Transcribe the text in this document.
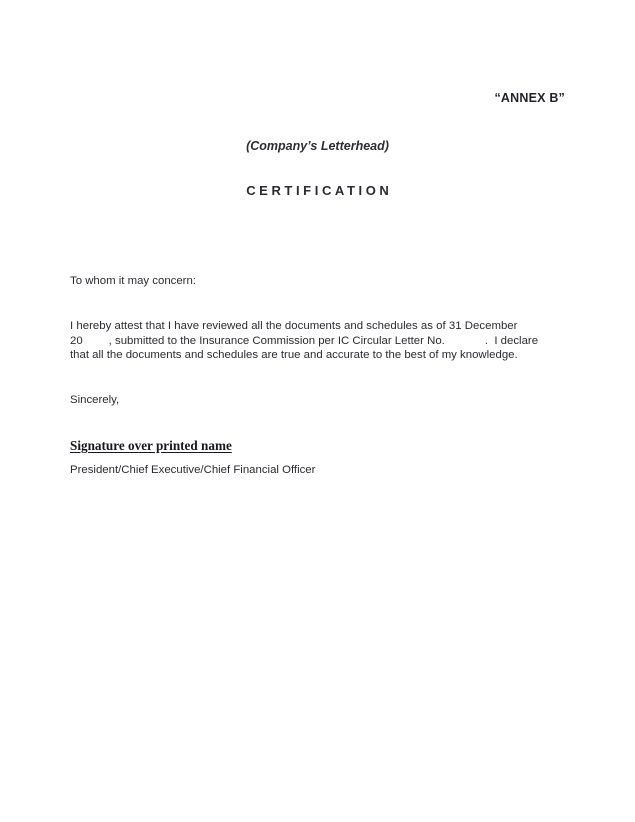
“ANNEX B”
(Company’s Letterhead)
CERTIFICATION
To whom it may concern:
I hereby attest that I have reviewed all the documents and schedules as of 31 December
20 , submitted to the Insurance Commission per IC Circular Letter No.	.  I declare
that all the documents and schedules are true and accurate to the best of my knowledge.
Sincerely,
Signature over printed name
President/Chief Executive/Chief Financial Officer
